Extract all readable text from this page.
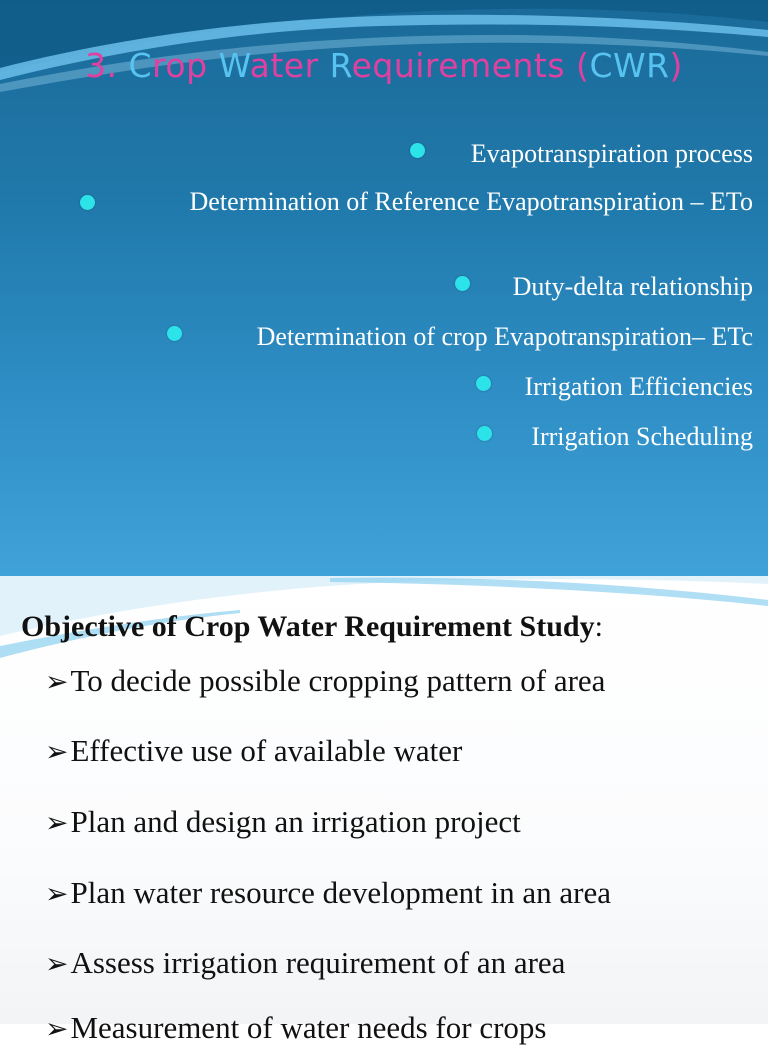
3. Crop Water Requirements (CWR)
Evapotranspiration process
Determination of Reference Evapotranspiration – ETo
Duty-delta relationship
Determination of crop Evapotranspiration– ETc
Irrigation Efficiencies
Irrigation Scheduling
Objective of Crop Water Requirement Study:
➢To decide possible cropping pattern of area
➢Effective use of available water
➢Plan and design an irrigation project
➢Plan water resource development in an area
➢Assess irrigation requirement of an area
➢Measurement of water needs for crops
